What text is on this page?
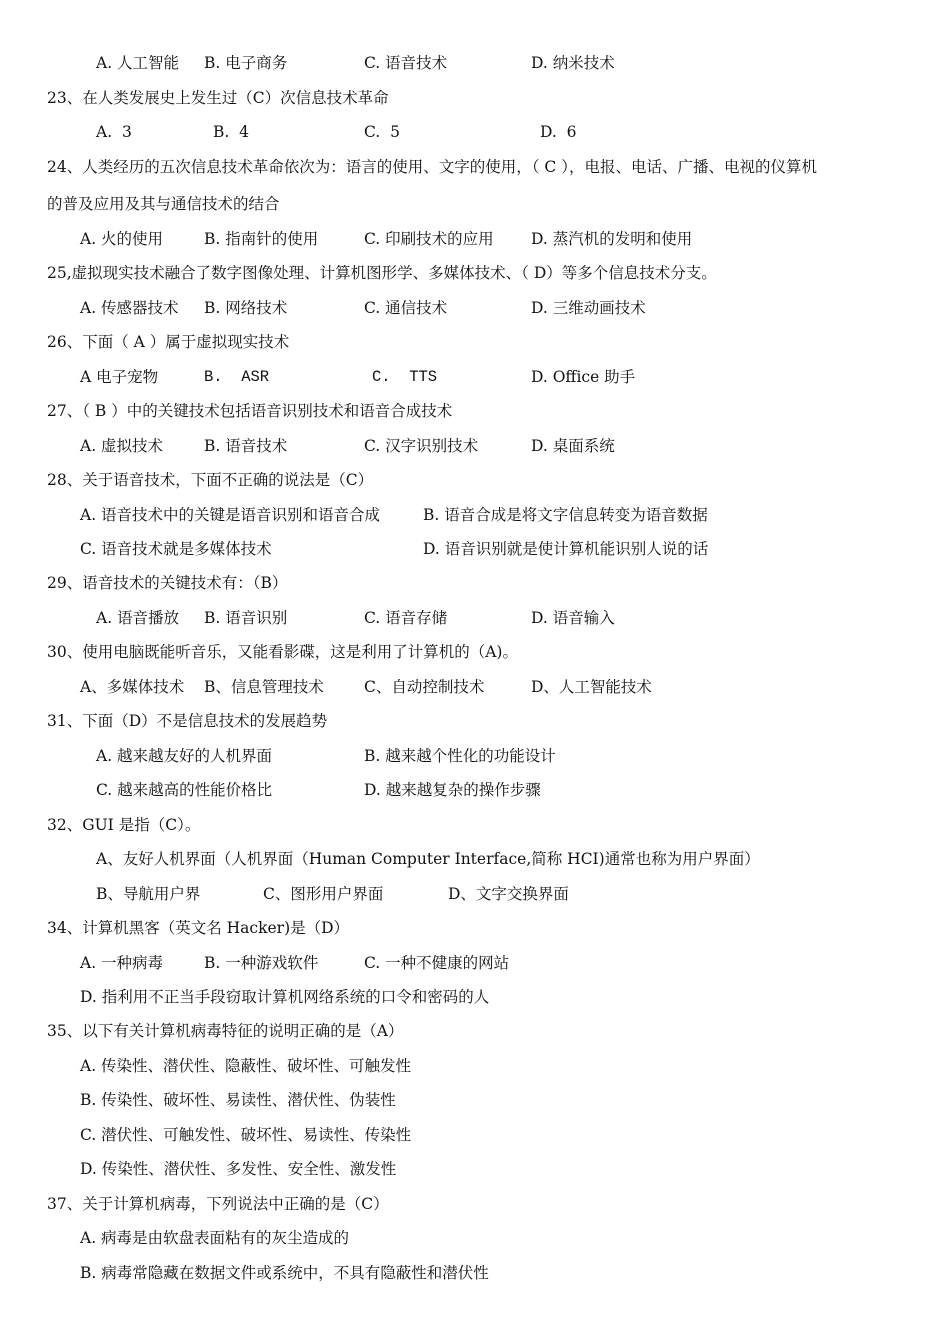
A. 人工智能 B. 电子商务	C. 语音技术	D. 纳米技术
23、在人类发展史上发生过（C）次信息技术革命
A.  3	B.  4	C.  5	D.  6
24、人类经历的五次信息技术革命依次为：语言的使用、文字的使用，（ C ），电报、电话、广播、电视的仪算机
的普及应用及其与通信技术的结合
A. 火的使用	B. 指南针的使用	C. 印刷技术的应用 D. 蒸汽机的发明和使用
25,虚拟现实技术融合了数字图像处理、计算机图形学、多媒体技术、（ D）等多个信息技术分支。
A. 传感器技术 B. 网络技术	C. 通信技术	D. 三维动画技术
26、下面（ A ）属于虚拟现实技术
A 电子宠物	B.  ASR	C.  TTS	D. Office 助手
27、（ B ）中的关键技术包括语音识别技术和语音合成技术
A. 虚拟技术	B. 语音技术	C. 汉字识别技术	D. 桌面系统
28、关于语音技术，下面不正确的说法是（C）
A. 语音技术中的关键是语音识别和语音合成	B. 语音合成是将文字信息转变为语音数据
C. 语音技术就是多媒体技术	D. 语音识别就是使计算机能识别人说的话
29、语音技术的关键技术有：（B）
A. 语音播放 B. 语音识别	C. 语音存储	D. 语音输入
30、使用电脑既能听音乐，又能看影碟，这是利用了计算机的（A)。
A、多媒体技术 B、信息管理技术	C、自动控制技术	D、人工智能技术
31、下面（D）不是信息技术的发展趋势
A. 越来越友好的人机界面	B. 越来越个性化的功能设计
C. 越来越高的性能价格比	D. 越来越复杂的操作步骤
32、GUI 是指（C）。
A、友好人机界面（人机界面（Human Computer Interface,简称 HCI)通常也称为用户界面）
B、导航用户界	C、图形用户界面	D、文字交换界面
34、计算机黑客（英文名 Hacker)是（D）
A. 一种病毒	B. 一种游戏软件	C. 一种不健康的网站
D. 指利用不正当手段窃取计算机网络系统的口令和密码的人
35、以下有关计算机病毒特征的说明正确的是（A）
A. 传染性、潜伏性、隐蔽性、破坏性、可触发性
B. 传染性、破坏性、易读性、潜伏性、伪装性
C. 潜伏性、可触发性、破坏性、易读性、传染性
D. 传染性、潜伏性、多发性、安全性、激发性
37、关于计算机病毒，下列说法中正确的是（C）
A. 病毒是由软盘表面粘有的灰尘造成的
B. 病毒常隐藏在数据文件或系统中，不具有隐蔽性和潜伏性
